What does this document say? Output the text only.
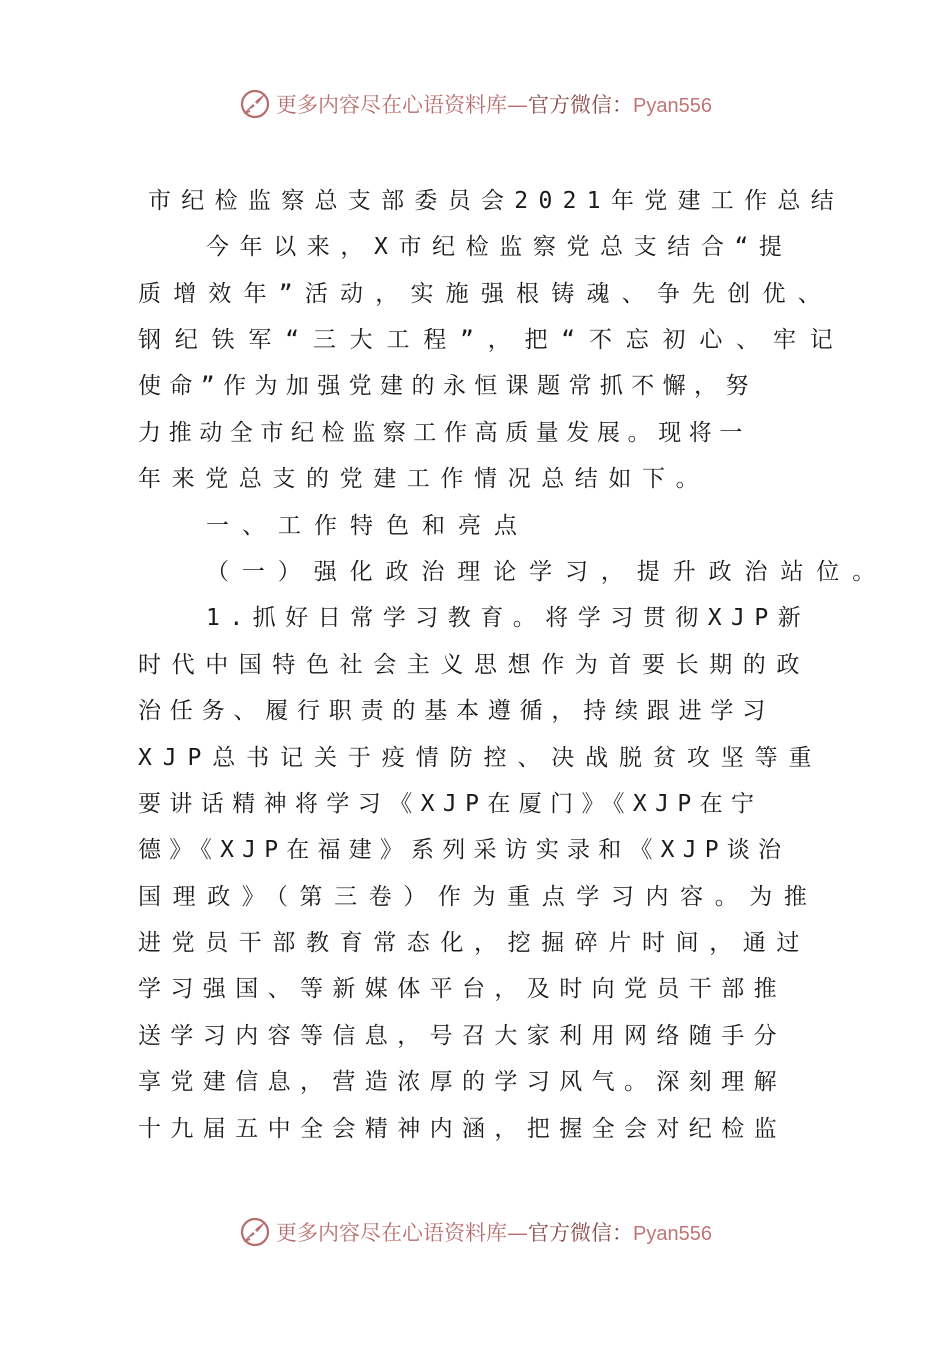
更多内容尽在心语资料库—官方微信：Pyan556
市纪检监察总支部委员会2021年党建工作总结
今年以来，X市纪检监察党总支结合“提
质增效年”活动，实施强根铸魂、争先创优、
钢纪铁军“三大工程”，把“不忘初心、牢记
使命”作为加强党建的永恒课题常抓不懈，努
力推动全市纪检监察工作高质量发展。现将一
年来党总支的党建工作情况总结如下。
一、工作特色和亮点
（一）强化政治理论学习，提升政治站位。
1.抓好日常学习教育。将学习贯彻XJP新
时代中国特色社会主义思想作为首要长期的政
治任务、履行职责的基本遵循，持续跟进学习
XJP总书记关于疫情防控、决战脱贫攻坚等重
要讲话精神将学习《XJP在厦门》《XJP在宁
德》《XJP在福建》系列采访实录和《XJP谈治
国理政》（第三卷）作为重点学习内容。为推
进党员干部教育常态化，挖掘碎片时间，通过
学习强国、等新媒体平台，及时向党员干部推
送学习内容等信息，号召大家利用网络随手分
享党建信息，营造浓厚的学习风气。深刻理解
十九届五中全会精神内涵，把握全会对纪检监
更多内容尽在心语资料库—官方微信：Pyan556
